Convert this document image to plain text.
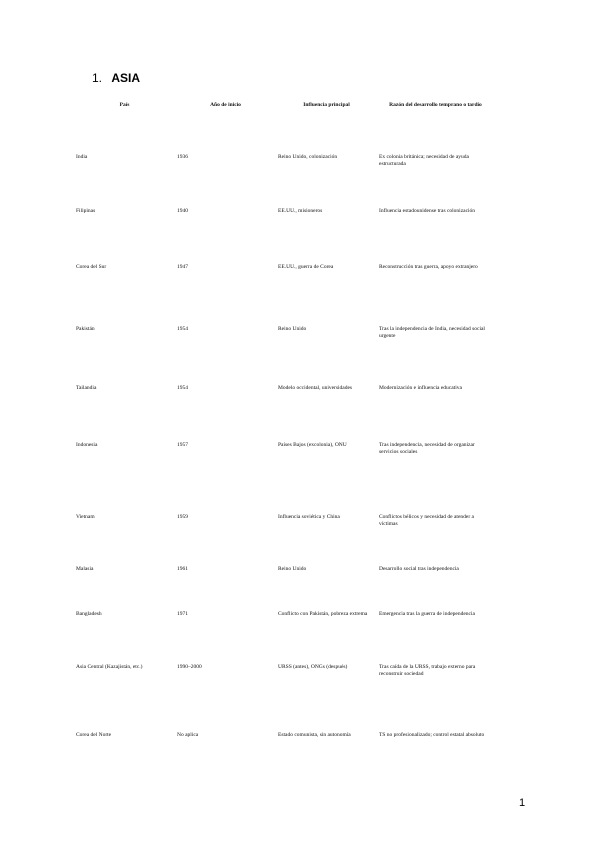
1. ASIA
País	Año de inicio	Influencia principal	Razón del desarrollo temprano o tardío
India	1936	Reino Unido, colonización	Ex colonia británica; necesidad de ayuda estructurada
Filipinas	1940	EE.UU., misioneros	Influencia estadounidense tras colonización
Corea del Sur	1947	EE.UU., guerra de Corea	Reconstrucción tras guerra, apoyo extranjero
Pakistán	1954	Reino Unido	Tras la independencia de India, necesidad social urgente
Tailandia	1954	Modelo occidental, universidades	Modernización e influencia educativa
Indonesia	1957	Países Bajos (excolonia), ONU	Tras independencia, necesidad de organizar servicios sociales
Vietnam	1959	Influencia soviética y China	Conflictos bélicos y necesidad de atender a víctimas
Malasia	1961	Reino Unido	Desarrollo social tras independencia
Bangladesh	1971	Conflicto con Pakistán, pobreza extrema	Emergencia tras la guerra de independencia
Asia Central (Kazajistán, etc.)	1990–2000	URSS (antes), ONGs (después)	Tras caída de la URSS, trabajo externo para reconstruir sociedad
Corea del Norte	No aplica	Estado comunista, sin autonomía	TS no profesionalizado; control estatal absoluto
1
